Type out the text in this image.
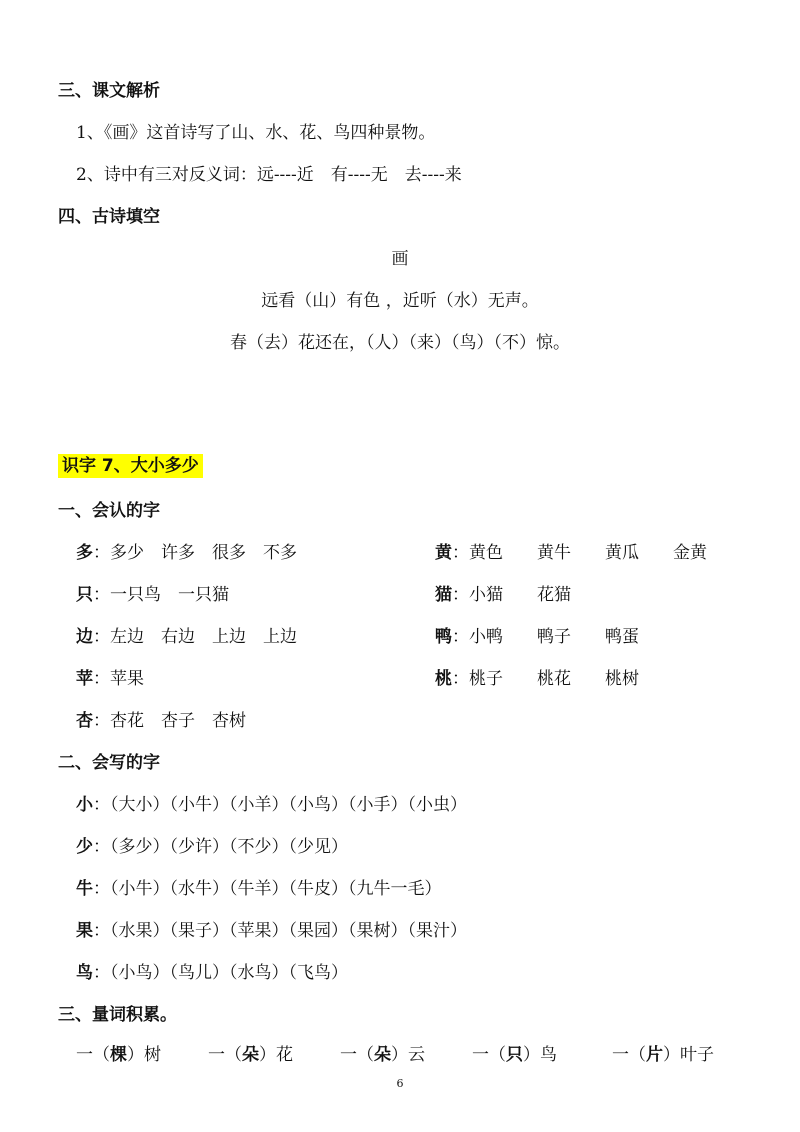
三、课文解析
1、《画》这首诗写了山、水、花、鸟四种景物。
2、诗中有三对反义词：远----近　有----无　去----来
四、古诗填空
画
远看（山）有色 ，近听（水）无声。
春（去）花还在，（人）（来）（鸟）（不）惊。
识字 7、大小多少
一、会认的字
多：多少　许多　很多　不多
只：一只鸟　一只猫
边：左边　右边　上边　上边
苹：苹果
杏：杏花　杏子　杏树
黄：黄色　　黄牛　　黄瓜　　金黄
猫：小猫　　花猫
鸭：小鸭　　鸭子　　鸭蛋
桃：桃子　　桃花　　桃树
二、会写的字
小：（大小）（小牛）（小羊）（小鸟）（小手）（小虫）
少：（多少）（少许）（不少）（少见）
牛：（小牛）（水牛）（牛羊）（牛皮）（九牛一毛）
果：（水果）（果子）（苹果）（果园）（果树）（果汁）
鸟：（小鸟）（鸟儿）（水鸟）（飞鸟）
三、量词积累。
一（棵）树	一（朵）花	一（朵）云	一（只）鸟	一（片）叶子
6
